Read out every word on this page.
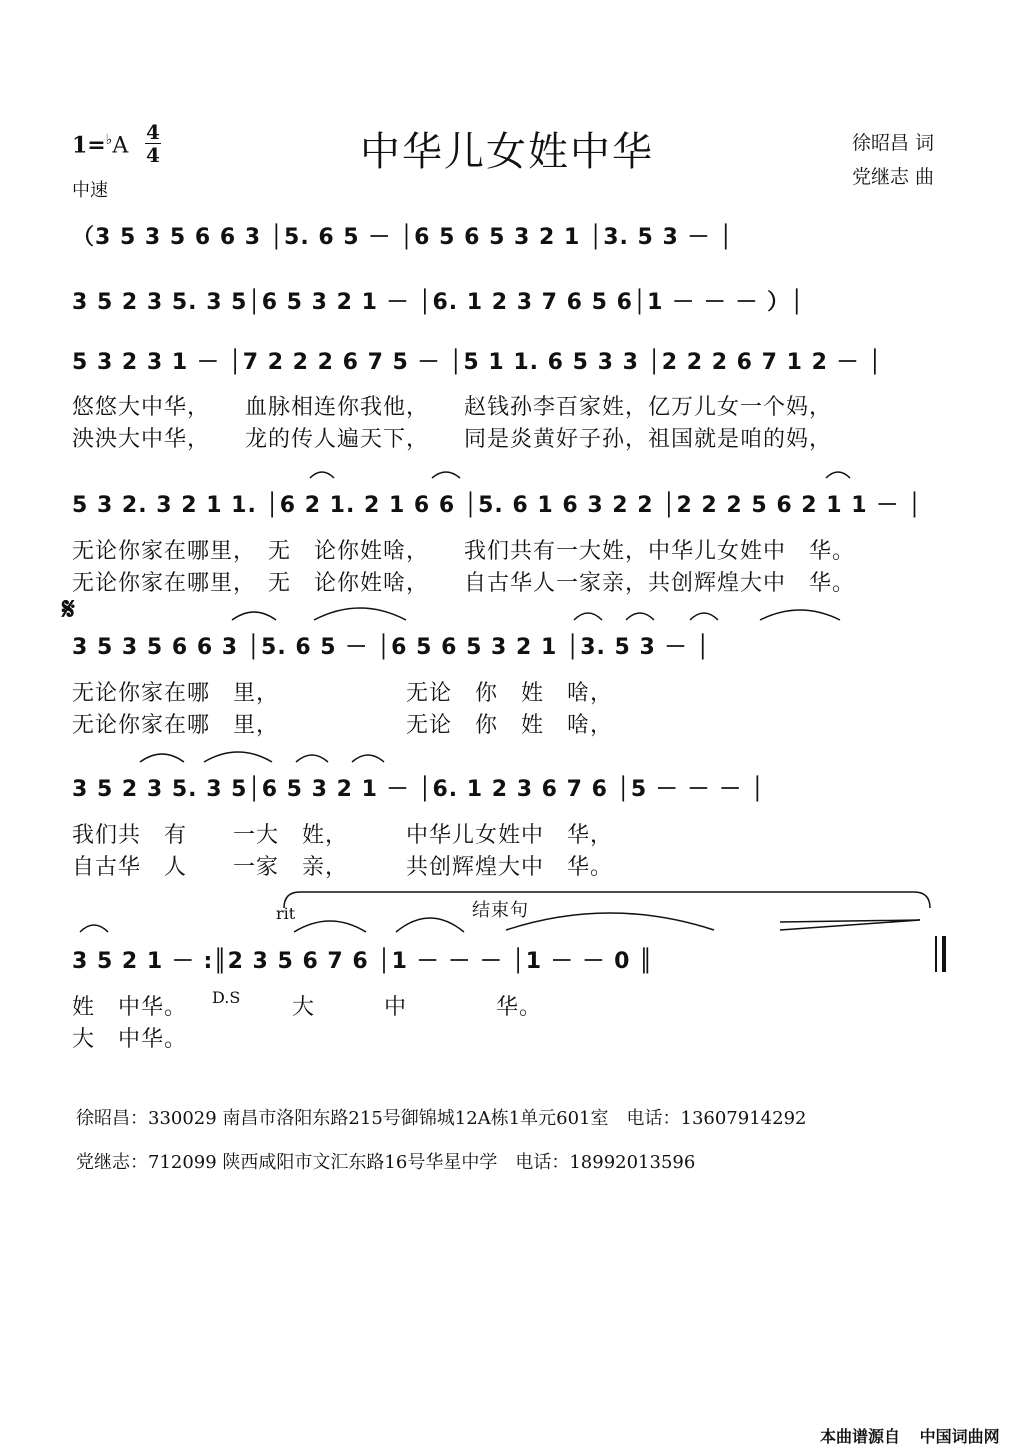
1=♭A
4
4
中速
中华儿女姓中华	徐昭昌 词
党继志 曲
（3 5 3 5 6 6 3 │5. 6 5 － │6 5 6 5 3 2 1 │3. 5 3 － │
3 5 2 3 5. 3 5│6 5 3 2 1 － │6. 1 2 3 7 6 5 6│1 － － － ）│
5 3 2 3 1 － │7 2 2 2 6 7 5 － │5 1 1. 6 5 3 3 │2 2 2 6 7 1 2 － │
悠悠大中华，　　血脉相连你我他，　　赵钱孙李百家姓，亿万儿女一个妈，
泱泱大中华，　　龙的传人遍天下，　　同是炎黄好子孙，祖国就是咱的妈，
5 3 2. 3 2 1 1. │6 2 1. 2 1 6 6 │5. 6 1 6 3 2 2 │2 2 2 5 6 2 1 1 － │
无论你家在哪里，　无　论你姓啥，　　我们共有一大姓，中华儿女姓中　华。
无论你家在哪里，　无　论你姓啥，　　自古华人一家亲，共创辉煌大中　华。
𝄋
3 5 3 5 6 6 3 │5. 6 5 － │6 5 6 5 3 2 1 │3. 5 3 － │
无论你家在哪　里，　　　　　　无论　你　姓　啥，
无论你家在哪　里，　　　　　　无论　你　姓　啥，
3 5 2 3 5. 3 5│6 5 3 2 1 － │6. 1 2 3 6 7 6 │5 － － － │
我们共　有　　一大　姓，　　　中华儿女姓中　华，
自古华　人　　一家　亲，　　　共创辉煌大中　华。
rit	结束句
3 5 2 1 － :║2 3 5 6 7 6 │1 － － － │1 － － 0 ║
姓　中华。 D.S 大	中	华。
大　中华。
徐昭昌：330029 南昌市洛阳东路215号御锦城12A栋1单元601室　电话：13607914292
党继志：712099 陕西咸阳市文汇东路16号华星中学　电话：18992013596
本曲谱源自 中国词曲网
